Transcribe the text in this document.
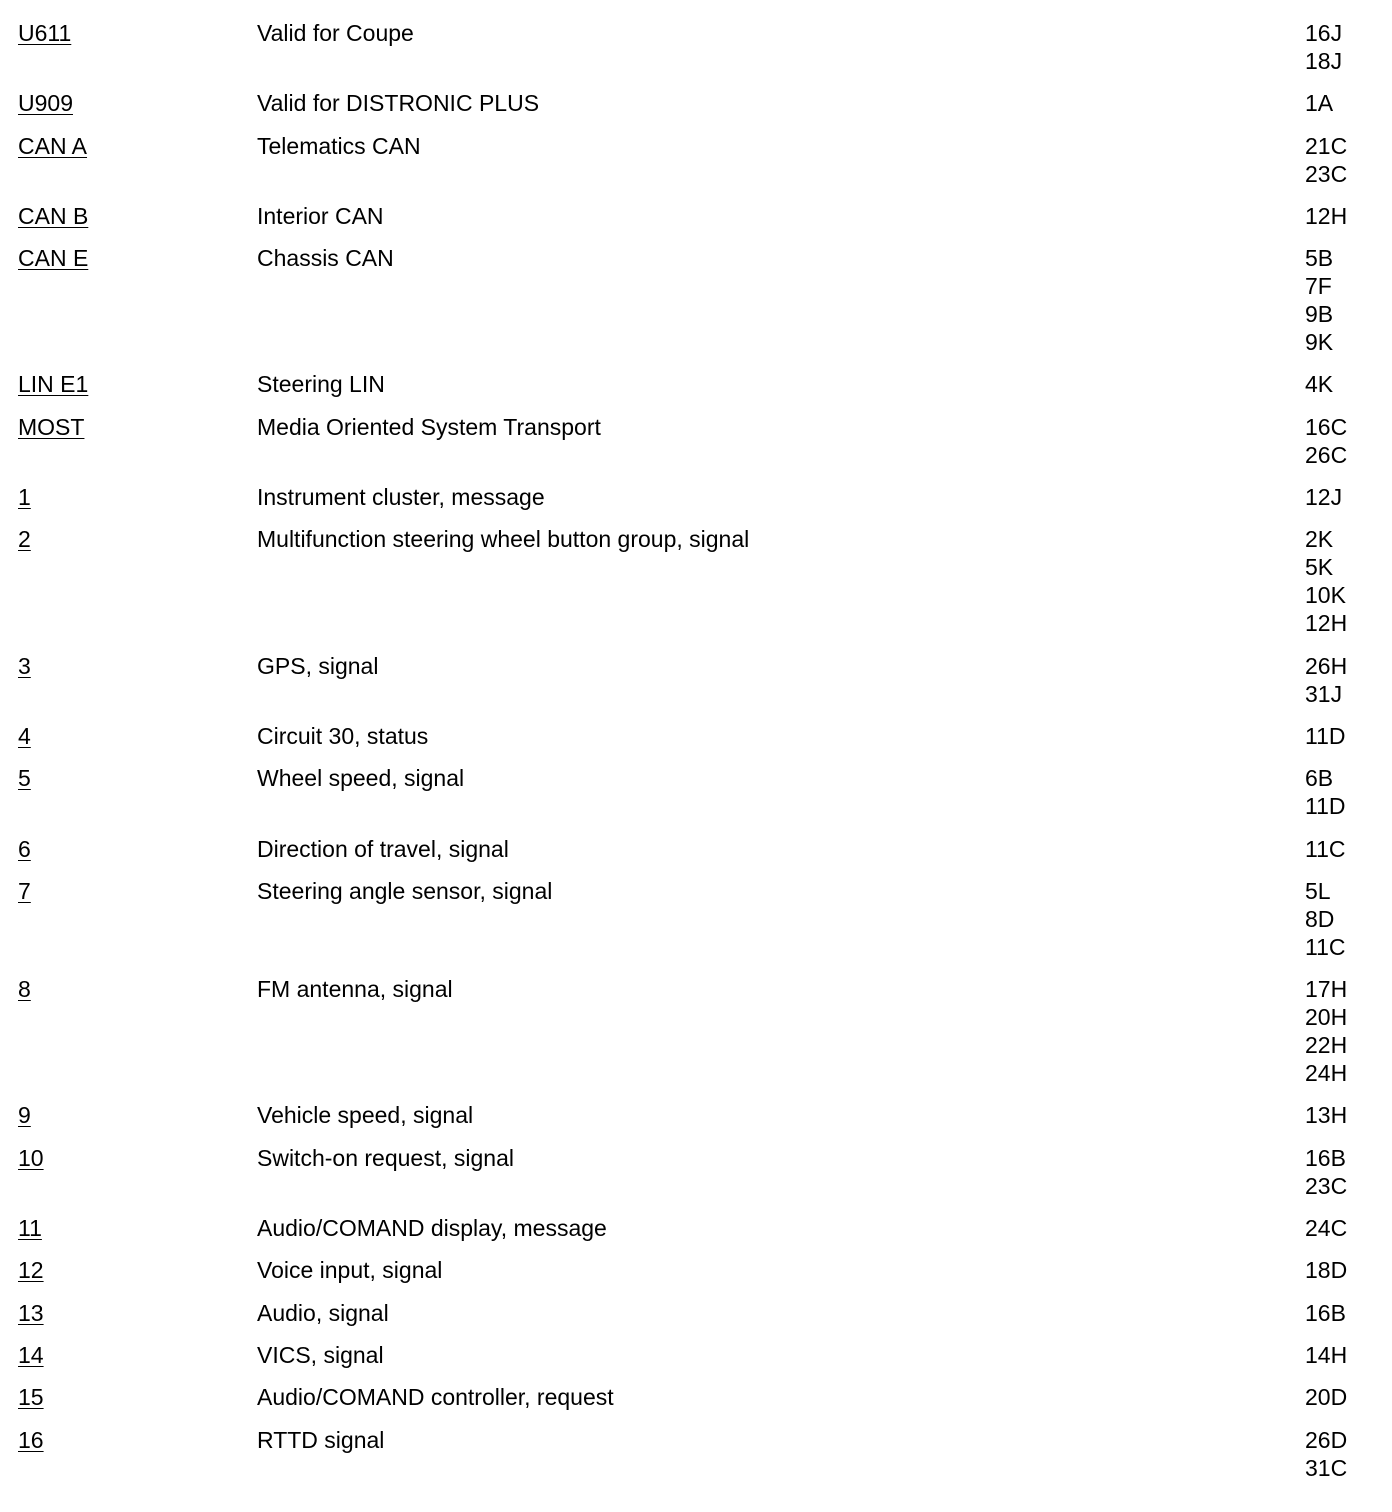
U611	Valid for Coupe	16J
18J
U909	Valid for DISTRONIC PLUS	1A
CAN A	Telematics CAN	21C
23C
CAN B	Interior CAN	12H
CAN E	Chassis CAN	5B
7F
9B
9K
LIN E1	Steering LIN	4K
MOST	Media Oriented System Transport	16C
26C
1	Instrument cluster, message	12J
2	Multifunction steering wheel button group, signal	2K
5K
10K
12H
3	GPS, signal	26H
31J
4	Circuit 30, status	11D
5	Wheel speed, signal	6B
11D
6	Direction of travel, signal	11C
7	Steering angle sensor, signal	5L
8D
11C
8	FM antenna, signal	17H
20H
22H
24H
9	Vehicle speed, signal	13H
10	Switch-on request, signal	16B
23C
11	Audio/COMAND display, message	24C
12	Voice input, signal	18D
13	Audio, signal	16B
14	VICS, signal	14H
15	Audio/COMAND controller, request	20D
16	RTTD signal	26D
31C
